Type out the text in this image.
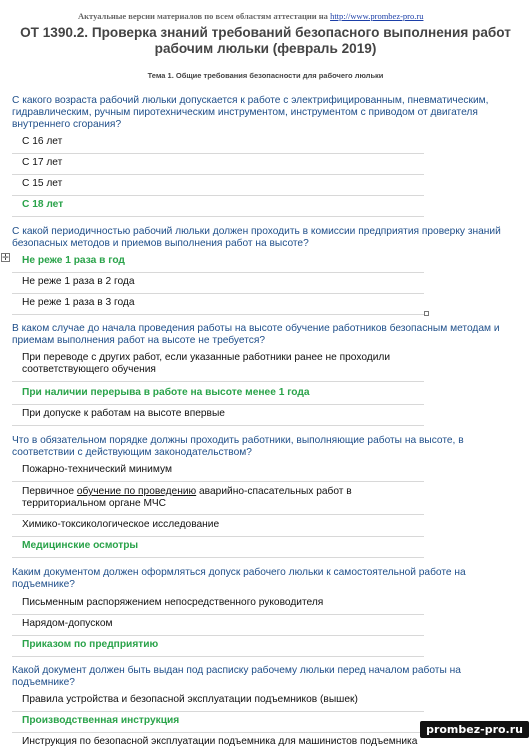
Актуальные версии материалов по всем областям аттестации на http://www.prombez-pro.ru
ОТ 1390.2. Проверка знаний требований безопасного выполнения работ рабочим люльки (февраль 2019)
Тема 1. Общие требования безопасности для рабочего люльки
✛
С какого возраста рабочий люльки допускается к работе с электрифицированным, пневматическим, гидравлическим, ручным пиротехническим инструментом, инструментом с приводом от двигателя внутреннего сгорания?
С 16 лет
С 17 лет
С 15 лет
С 18 лет
С какой периодичностью рабочий люльки должен проходить в комиссии предприятия проверку знаний безопасных методов и приемов выполнения работ на высоте?
Не реже 1 раза в год
Не реже 1 раза в 2 года
Не реже 1 раза в 3 года
В каком случае до начала проведения работы на высоте обучение работников безопасным методам и приемам выполнения работ на высоте не требуется?
При переводе с других работ, если указанные работники ранее не проходили соответствующего обучения
При наличии перерыва в работе на высоте менее 1 года
При допуске к работам на высоте впервые
Что в обязательном порядке должны проходить работники, выполняющие работы на высоте, в соответствии с действующим законодательством?
Пожарно-технический минимум
Первичное обучение по проведению аварийно-спасательных работ в территориальном органе МЧС
Химико-токсикологическое исследование
Медицинские осмотры
Каким документом должен оформляться допуск рабочего люльки к самостоятельной работе на подъемнике?
Письменным распоряжением непосредственного руководителя
Нарядом-допуском
Приказом по предприятию
Какой документ должен быть выдан под расписку рабочему люльки перед началом работы на подъемнике?
Правила устройства и безопасной эксплуатации подъемников (вышек)
Производственная инструкция
Инструкция по безопасной эксплуатации подъемника для машинистов подъемника
prombez-pro.ru
